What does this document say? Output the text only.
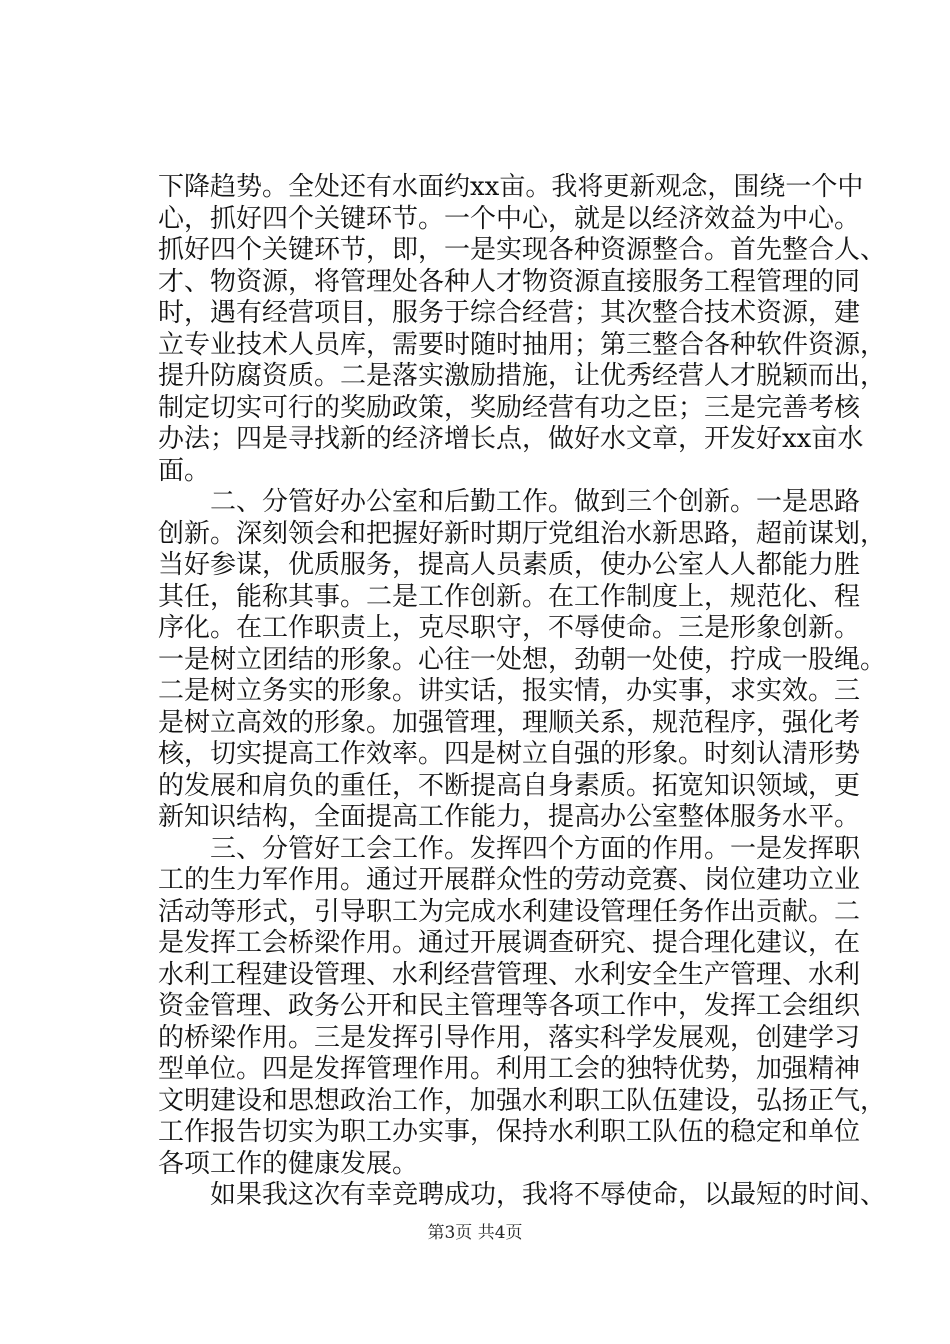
下降趋势。全处还有水面约xx亩。我将更新观念，围绕一个中
心，抓好四个关键环节。一个中心，就是以经济效益为中心。
抓好四个关键环节，即，一是实现各种资源整合。首先整合人、
才、物资源，将管理处各种人才物资源直接服务工程管理的同
时，遇有经营项目，服务于综合经营；其次整合技术资源，建
立专业技术人员库，需要时随时抽用；第三整合各种软件资源，
提升防腐资质。二是落实激励措施，让优秀经营人才脱颖而出，
制定切实可行的奖励政策，奖励经营有功之臣；三是完善考核
办法；四是寻找新的经济增长点，做好水文章，开发好xx亩水
面。
二、分管好办公室和后勤工作。做到三个创新。一是思路
创新。深刻领会和把握好新时期厅党组治水新思路，超前谋划，
当好参谋，优质服务，提高人员素质，使办公室人人都能力胜
其任，能称其事。二是工作创新。在工作制度上，规范化、程
序化。在工作职责上，克尽职守，不辱使命。三是形象创新。
一是树立团结的形象。心往一处想，劲朝一处使，拧成一股绳。
二是树立务实的形象。讲实话，报实情，办实事，求实效。三
是树立高效的形象。加强管理，理顺关系，规范程序，强化考
核，切实提高工作效率。四是树立自强的形象。时刻认清形势
的发展和肩负的重任，不断提高自身素质。拓宽知识领域，更
新知识结构，全面提高工作能力，提高办公室整体服务水平。
三、分管好工会工作。发挥四个方面的作用。一是发挥职
工的生力军作用。通过开展群众性的劳动竞赛、岗位建功立业
活动等形式，引导职工为完成水利建设管理任务作出贡献。二
是发挥工会桥梁作用。通过开展调查研究、提合理化建议，在
水利工程建设管理、水利经营管理、水利安全生产管理、水利
资金管理、政务公开和民主管理等各项工作中，发挥工会组织
的桥梁作用。三是发挥引导作用，落实科学发展观，创建学习
型单位。四是发挥管理作用。利用工会的独特优势，加强精神
文明建设和思想政治工作，加强水利职工队伍建设，弘扬正气，
工作报告切实为职工办实事，保持水利职工队伍的稳定和单位
各项工作的健康发展。
如果我这次有幸竞聘成功，我将不辱使命，以最短的时间、
第3页 共4页
